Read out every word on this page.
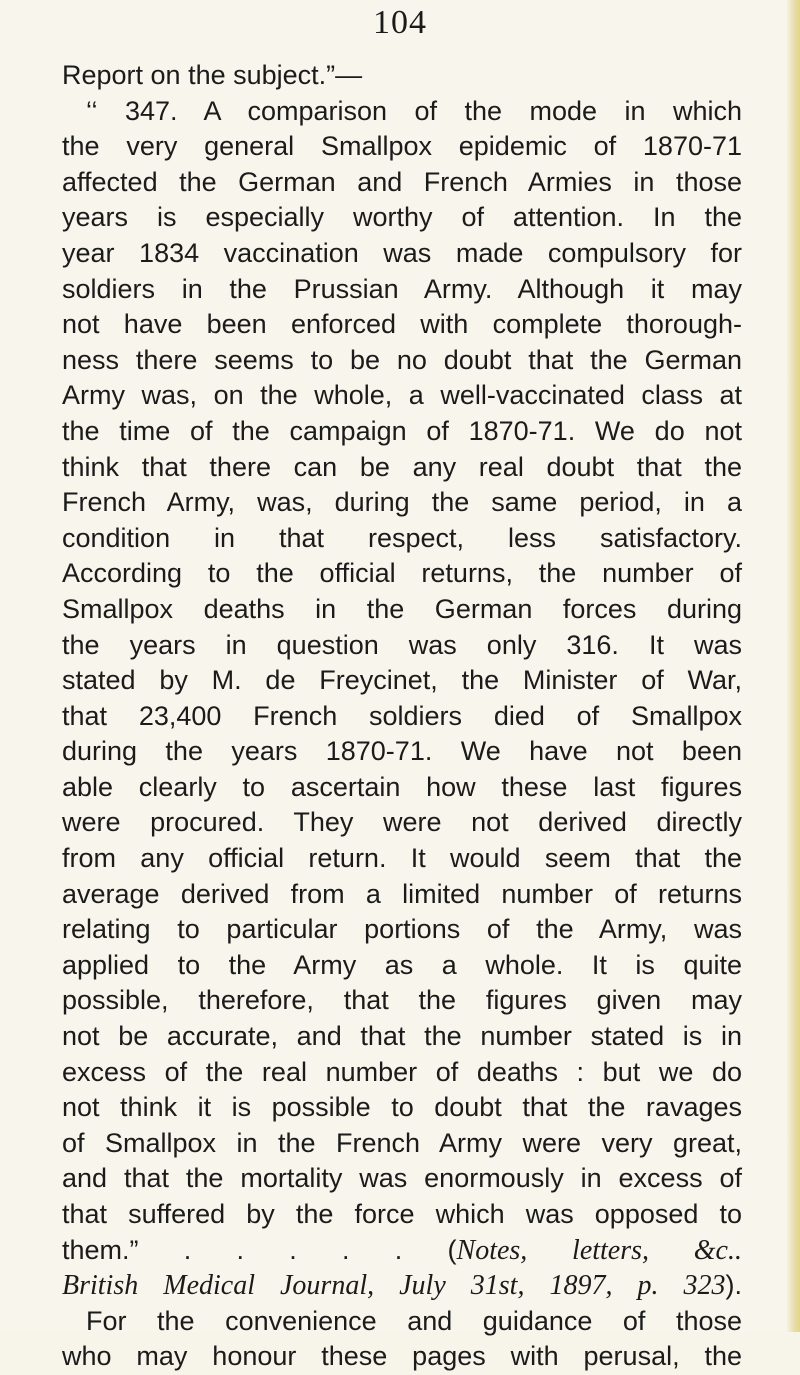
104
Report on the subject.”—
‘‘ 347. A comparison of the mode in which
the very general Smallpox epidemic of 1870-71
affected the German and French Armies in those
years is especially worthy of attention. In the
year 1834 vaccination was made compulsory for
soldiers in the Prussian Army. Although it may
not have been enforced with complete thorough-
ness there seems to be no doubt that the German
Army was, on the whole, a well-vaccinated class at
the time of the campaign of 1870-71. We do not
think that there can be any real doubt that the
French Army, was, during the same period, in a
condition in that respect, less satisfactory.
According to the official returns, the number of
Smallpox deaths in the German forces during
the years in question was only 316. It was
stated by M. de Freycinet, the Minister of War,
that 23,400 French soldiers died of Smallpox
during the years 1870-71. We have not been
able clearly to ascertain how these last figures
were procured. They were not derived directly
from any official return. It would seem that the
average derived from a limited number of returns
relating to particular portions of the Army, was
applied to the Army as a whole. It is quite
possible, therefore, that the figures given may
not be accurate, and that the number stated is in
excess of the real number of deaths : but we do
not think it is possible to doubt that the ravages
of Smallpox in the French Army were very great,
and that the mortality was enormously in excess of
that suffered by the force which was opposed to
them.” . . . . . (Notes, letters, &c..
British Medical Journal, July 31st, 1897, p. 323).
For the convenience and guidance of those
who may honour these pages with perusal, the
